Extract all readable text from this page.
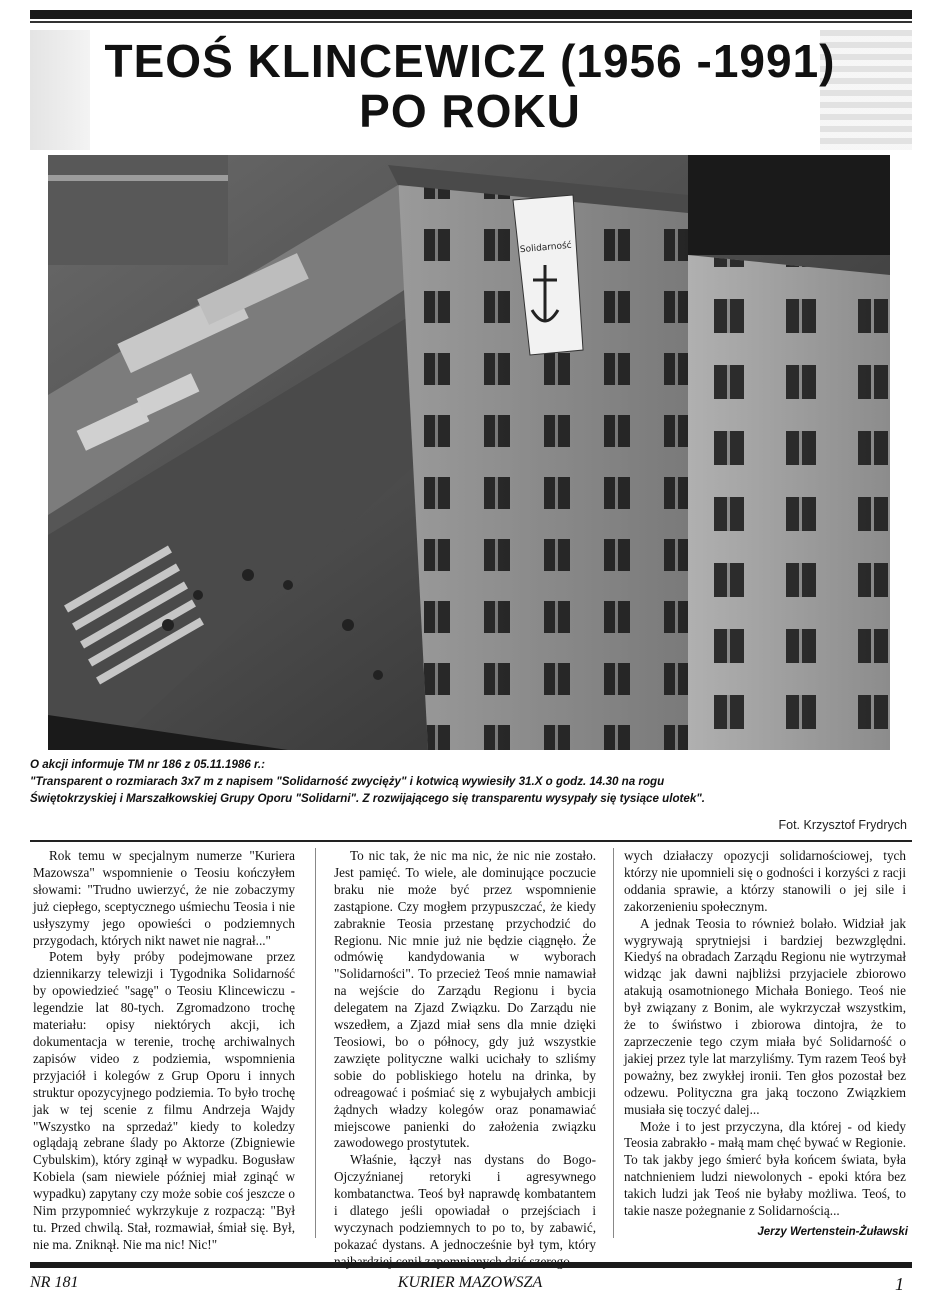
TEOŚ KLINCEWICZ (1956 -1991)
PO ROKU
Solidarność

O akcji informuje TM nr 186 z 05.11.1986 r.:

"Transparent o rozmiarach 3x7 m z napisem "Solidarność zwycięży" i kotwicą wywiesiły 31.X o godz. 14.30 na rogu

Świętokrzyskiej i Marszałkowskiej Grupy Oporu "Solidarni". Z rozwijającego się transparentu wysypały się tysiące ulotek".

Fot. Krzysztof Frydrych

Rok temu w specjalnym numerze "Kuriera Mazowsza" wspomnienie o Teosiu kończyłem słowami: "Trudno uwierzyć, że nie zobaczymy już ciepłego, sceptycznego uśmiechu Teosia i nie usłyszymy jego opowieści o podziemnych przygodach, których nikt nawet nie nagrał..."

Potem były próby podejmowane przez dziennikarzy telewizji i Tygodnika Solidarność by opowiedzieć "sagę" o Teosiu Klincewiczu - legendzie lat 80-tych. Zgromadzono trochę materiału: opisy niektórych akcji, ich dokumentacja w terenie, trochę archiwalnych zapisów video z podziemia, wspomnienia przyjaciół i kolegów z Grup Oporu i innych struktur opozycyjnego podziemia. To było trochę jak w tej scenie z filmu Andrzeja Wajdy "Wszystko na sprzedaż" kiedy to koledzy oglądają zebrane ślady po Aktorze (Zbigniewie Cybulskim), który zginął w wypadku. Bogusław Kobiela (sam niewiele później miał zginąć w wypadku) zapytany czy może sobie coś jeszcze o Nim przypomnieć wykrzykuje z rozpaczą: "Był tu. Przed chwilą. Stał, rozmawiał, śmiał się. Był, nie ma. Zniknął. Nie ma nic! Nic!"

To nic tak, że nic ma nic, że nic nie zostało. Jest pamięć. To wiele, ale dominujące poczucie braku nie może być przez wspomnienie zastąpione. Czy mogłem przypuszczać, że kiedy zabraknie Teosia przestanę przychodzić do Regionu. Nic mnie już nie będzie ciągnęło. Że odmówię kandydowania w wyborach "Solidarności". To przecież Teoś mnie namawiał na wejście do Zarządu Regionu i bycia delegatem na Zjazd Związku. Do Zarządu nie wszedłem, a Zjazd miał sens dla mnie dzięki Teosiowi, bo o północy, gdy już wszystkie zawzięte polityczne walki ucichały to szliśmy sobie do pobliskiego hotelu na drinka, by odreagować i pośmiać się z wybujałych ambicji żądnych władzy kolegów oraz ponamawiać miejscowe panienki do założenia związku zawodowego prostytutek.

Właśnie, łączył nas dystans do Bogo-Ojczyźnianej retoryki i agresywnego kombatanctwa. Teoś był naprawdę kombatantem i dlatego jeśli opowiadał o przejściach i wyczynach podziemnych to po to, by zabawić, pokazać dystans. A jednocześnie był tym, który

wych działaczy opozycji solidarnościowej, tych którzy nie upomnieli się o godności i korzyści z racji oddania sprawie, a którzy stanowili o jej sile i zakorzenieniu społecznym.

A jednak Teosia to również bolało. Widział jak wygrywają sprytniejsi i bardziej bezwzględni. Kiedyś na obradach Zarządu Regionu nie wytrzymał widząc jak dawni najbliżsi przyjaciele zbiorowo atakują osamotnionego Michała Boniego. Teoś nie był związany z Bonim, ale wykrzyczał wszystkim, że to świństwo i zbiorowa dintojra, że to zaprzeczenie tego czym miała być Solidarność o jakiej przez tyle lat marzyliśmy. Tym razem Teoś był poważny, bez zwykłej ironii. Ten głos pozostał bez odzewu. Polityczna gra jaką toczono Związkiem musiała się toczyć dalej...

Może i to jest przyczyna, dla której - od kiedy Teosia zabrakło - małą mam chęć bywać w Regionie. To tak jakby jego śmierć była końcem świata, była natchnieniem ludzi niewolonych - epoki która bez takich ludzi jak Teoś nie byłaby możliwa. Teoś, to takie nasze pożegnanie z Solidarnością...

Jerzy Wertenstein-Żuławski
NR 181	KURIER MAZOWSZA	1
